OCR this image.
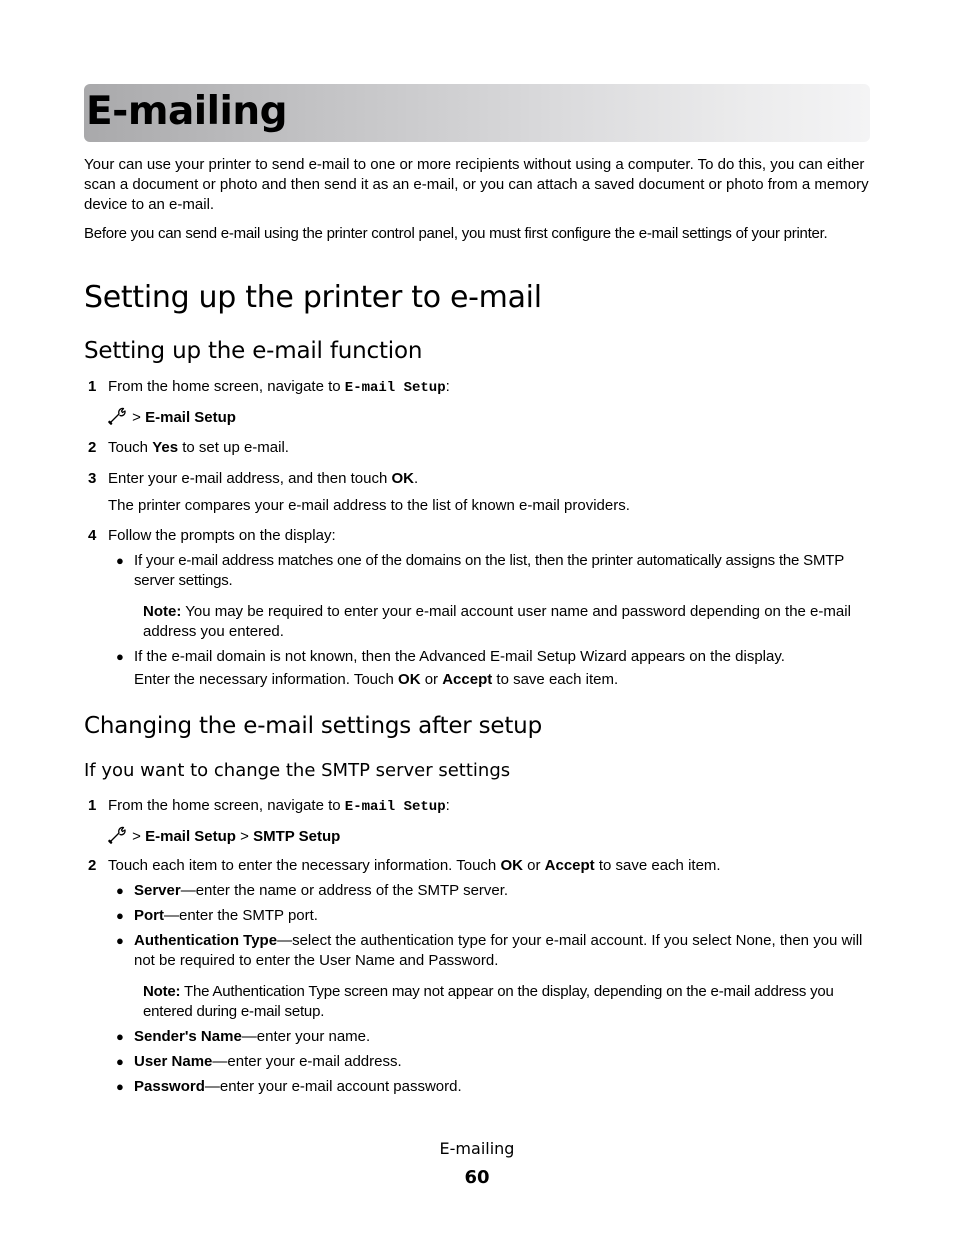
E-mailing

Your can use your printer to send e-mail to one or more recipients without using a computer. To do this, you can either scan a document or photo and then send it as an e-mail, or you can attach a saved document or photo from a memory device to an e-mail.

Before you can send e-mail using the printer control panel, you must first configure the e-mail settings of your printer.

Setting up the printer to e-mail
Setting up the e-mail function
1 From the home screen, navigate to E-mail Setup:
> E-mail Setup
2 Touch Yes to set up e-mail.
3 Enter your e-mail address, and then touch OK.
The printer compares your e-mail address to the list of known e-mail providers.
4 Follow the prompts on the display:
● If your e-mail address matches one of the domains on the list, then the printer automatically assigns the SMTP server settings.
Note: You may be required to enter your e-mail account user name and password depending on the e-mail address you entered.
● If the e-mail domain is not known, then the Advanced E-mail Setup Wizard appears on the display.
Enter the necessary information. Touch OK or Accept to save each item.
Changing the e-mail settings after setup
If you want to change the SMTP server settings
1 From the home screen, navigate to E-mail Setup:
> E-mail Setup > SMTP Setup
2 Touch each item to enter the necessary information. Touch OK or Accept to save each item.
● Server—enter the name or address of the SMTP server.
● Port—enter the SMTP port.
● Authentication Type—select the authentication type for your e-mail account. If you select None, then you will not be required to enter the User Name and Password.
Note: The Authentication Type screen may not appear on the display, depending on the e-mail address you entered during e-mail setup.
● Sender's Name—enter your name.
● User Name—enter your e-mail address.
● Password—enter your e-mail account password.
E-mailing
60
